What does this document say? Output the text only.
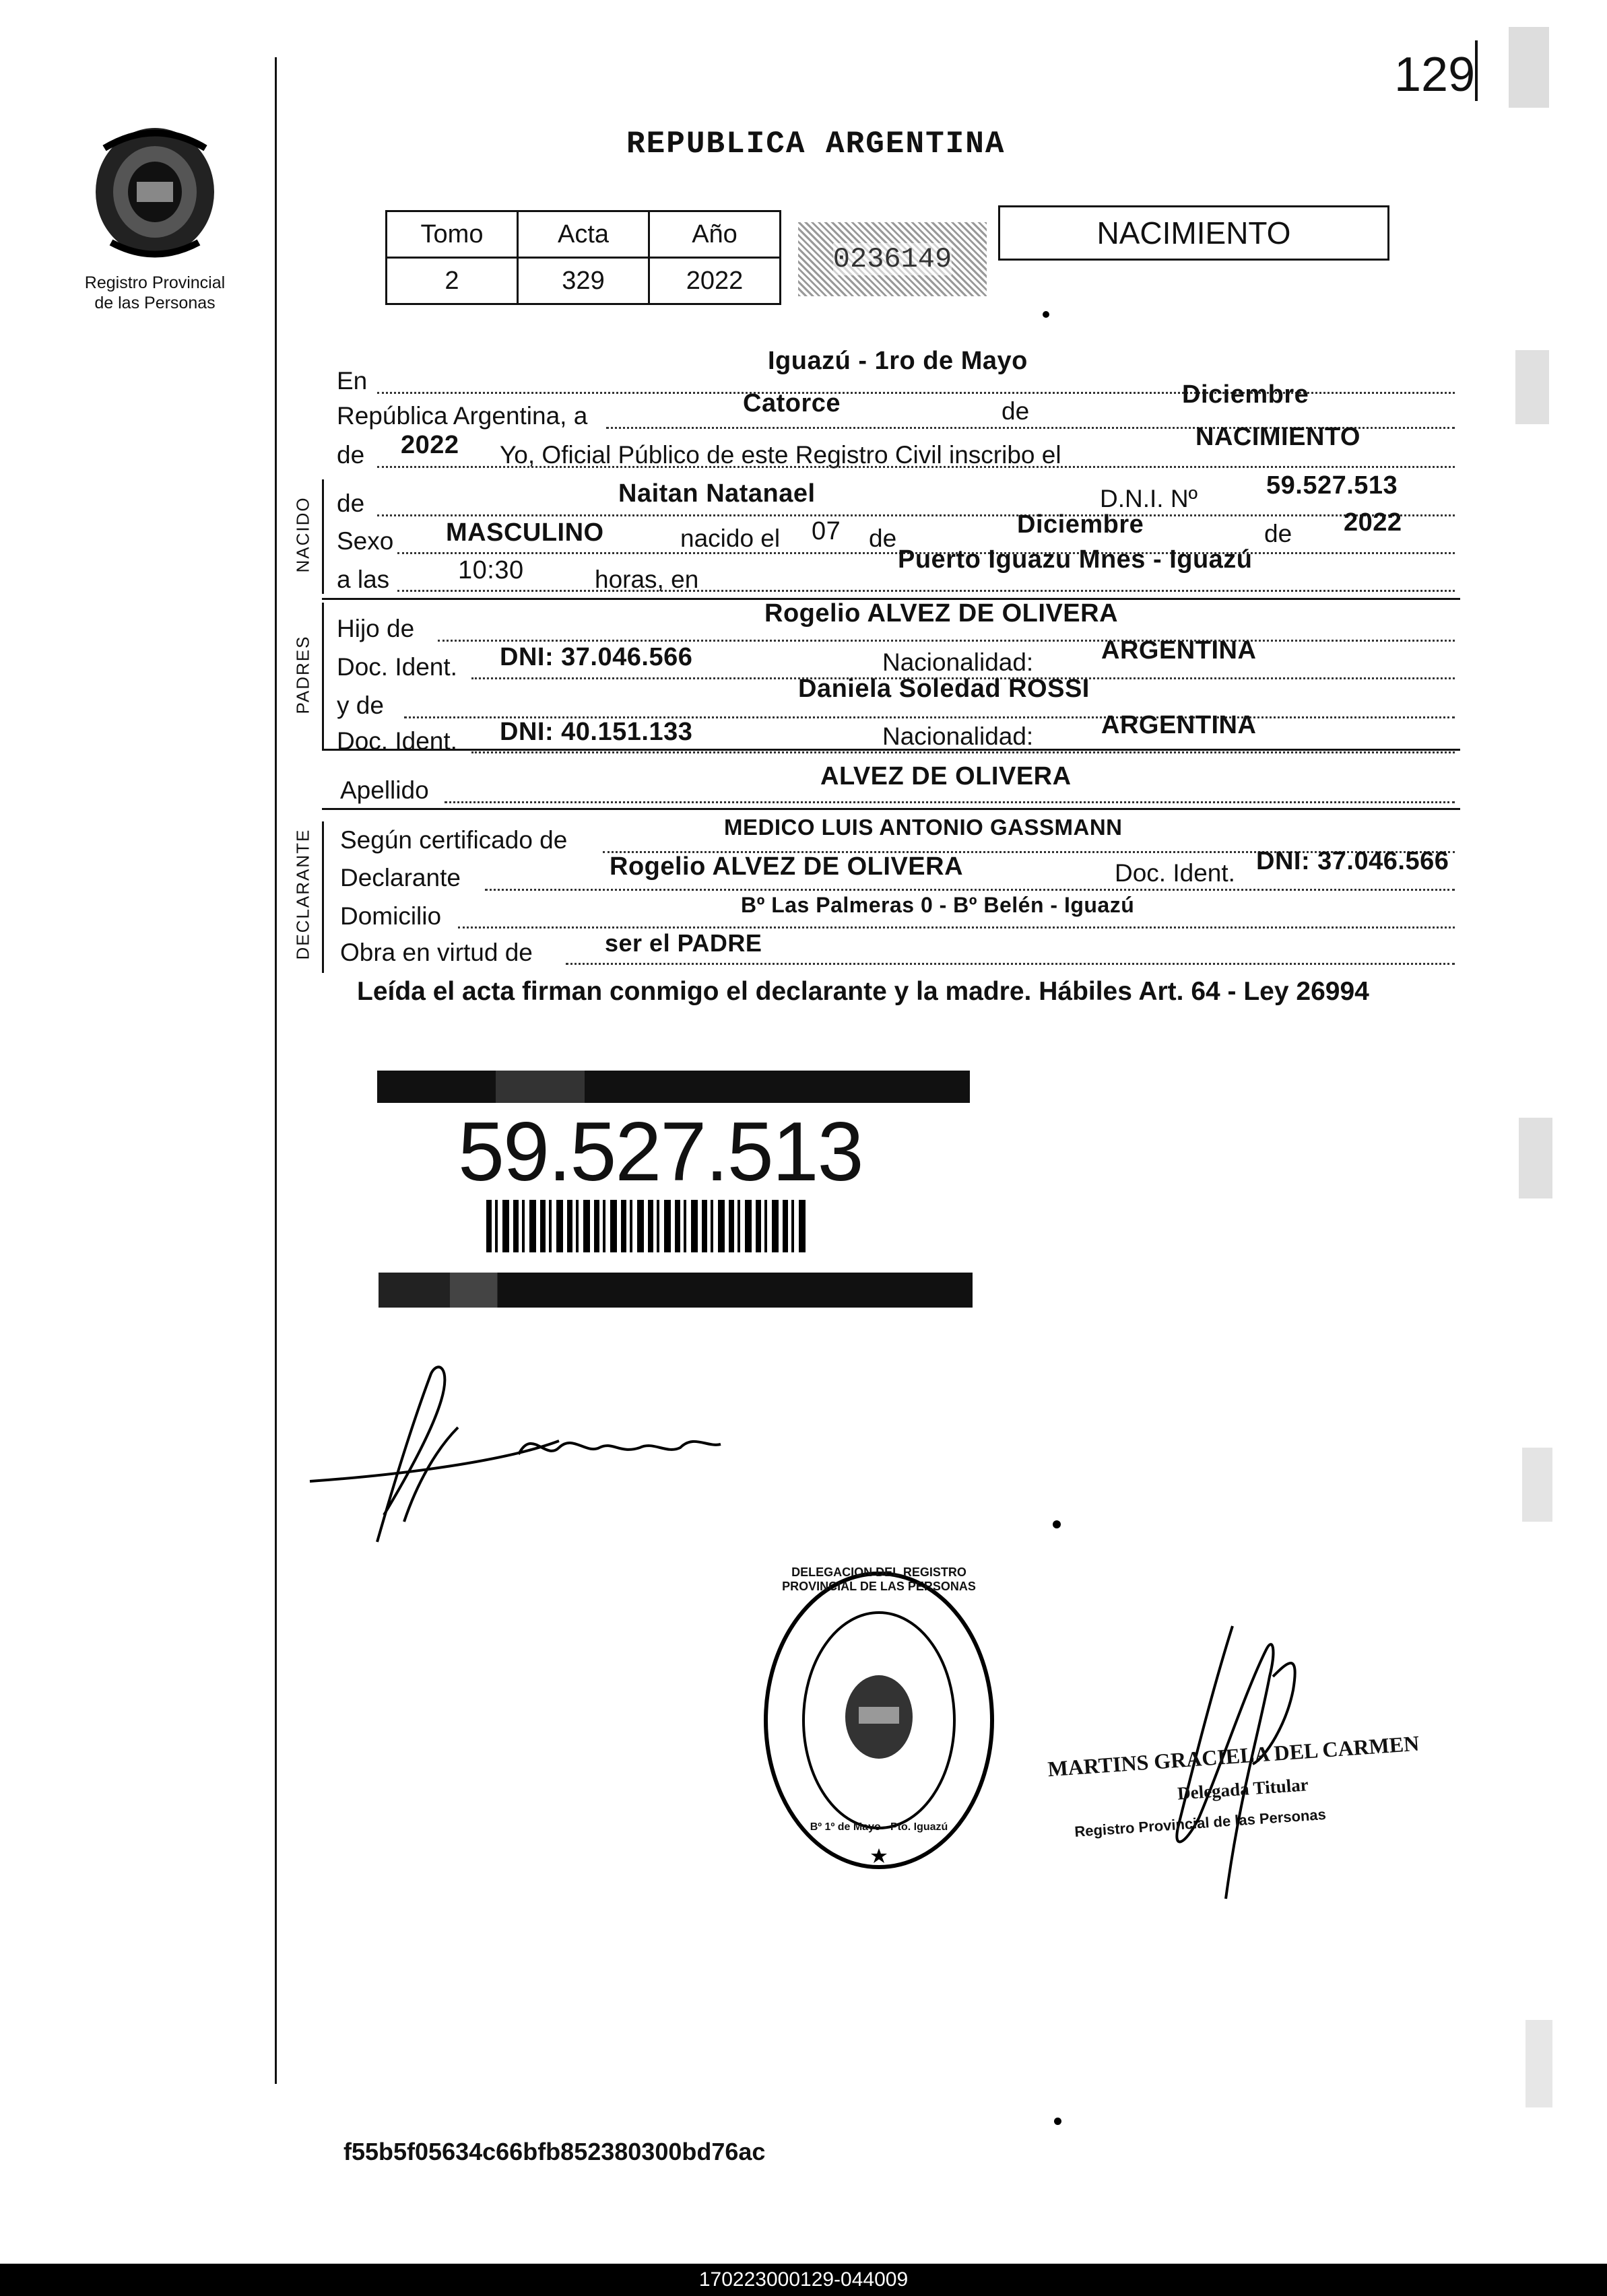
129
Registro Provincial
de las Personas
REPUBLICA ARGENTINA
Tomo	Acta	Año
2	329	2022
0236149
NACIMIENTO
En
Iguazú - 1ro de Mayo
República Argentina, a	Catorce	de
Diciembre
de 2022 Yo, Oficial Público de este Registro Civil inscribo el
NACIMIENTO
NACIDO de	Naitan Natanael	D.N.I. Nº	59.527.513
Sexo MASCULINO	nacido el 07 de	Diciembre	de 2022
a las	10:30	horas, en
Puerto Iguazu Mnes - Iguazú
PADRES
Hijo de
Rogelio ALVEZ DE OLIVERA
Doc. Ident. DNI: 37.046.566	Nacionalidad:	ARGENTINA
y de
Daniela Soledad ROSSI
Doc. Ident. DNI: 40.151.133	Nacionalidad:	ARGENTINA
Apellido	ALVEZ DE OLIVERA
DECLARANTE Según certificado de	MEDICO LUIS ANTONIO GASSMANN
Declarante	Rogelio ALVEZ DE OLIVERA	Doc. Ident. DNI: 37.046.566
Domicilio	Bº Las Palmeras 0 - Bº Belén - Iguazú
Obra en virtud de	ser el PADRE
Leída el acta firman conmigo el declarante y la madre. Hábiles Art. 64 - Ley 26994
59.527.513
DELEGACION DEL REGISTRO PROVINCIAL DE LAS PERSONAS
Bº 1º de Mayo - Pto. Iguazú
MARTINS GRACIELA DEL CARMEN
Delegada Titular
Registro Provincial de las Personas
f55b5f05634c66bfb852380300bd76ac
170223000129-044009
